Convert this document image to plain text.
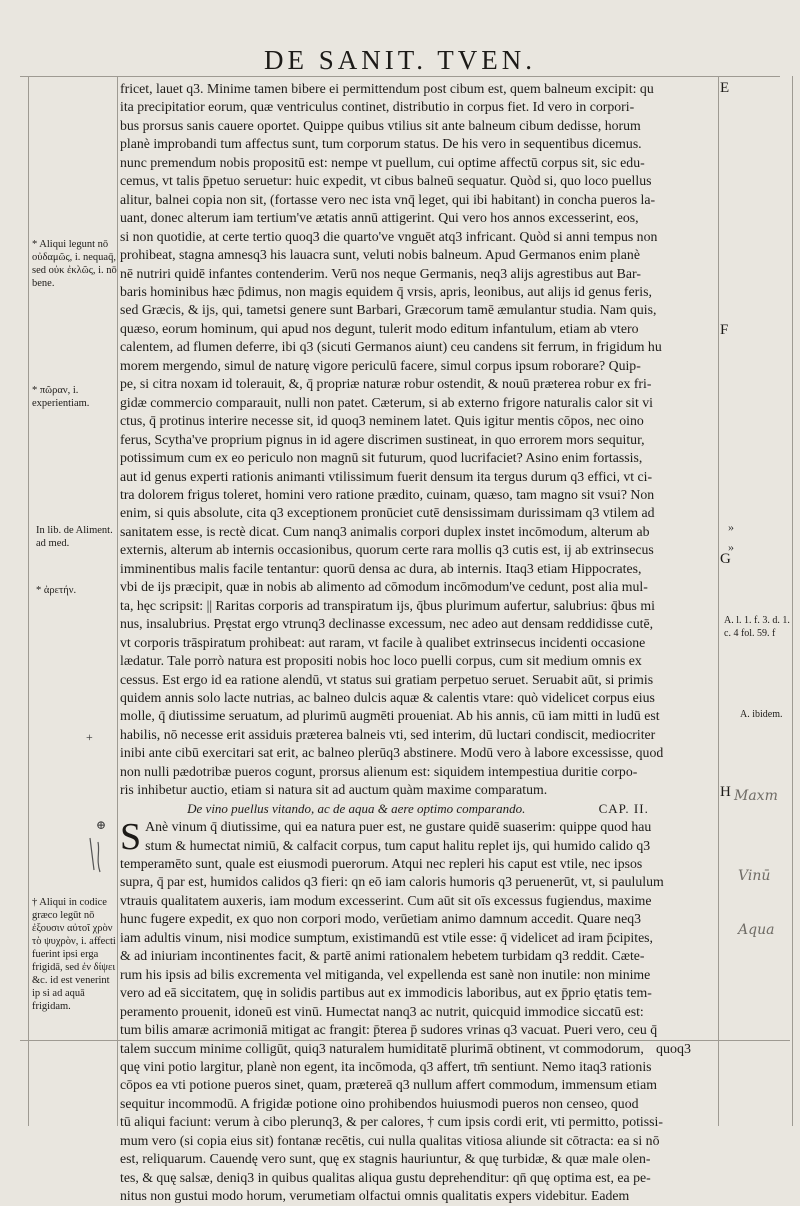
DE SANIT. TVEN.
fricet, lauet q3. Minime tamen bibere ei permittendum post cibum est, quem balneum excipit: qu
ita precipitatior eorum, quæ ventriculus continet, distributio in corpus fiet. Id vero in corpori-
bus prorsus sanis cauere oportet. Quippe quibus vtilius sit ante balneum cibum dedisse, horum
planè improbandi tum affectus sunt, tum corporum status. De his vero in sequentibus dicemus.
nunc premendum nobis propositū est: nempe vt puellum, cui optime affectū corpus sit, sic edu-
cemus, vt talis p̄petuo seruetur: huic expedit, vt cibus balneū sequatur. Quòd si, quo loco puellus
alitur, balnei copia non sit, (fortasse vero nec ista vnq̄ leget, qui ibi habitant) in concha pueros la-
uant, donec alterum iam tertium've ætatis annū attigerint. Qui vero hos annos excesserint, eos,
si non quotidie, at certe tertio quoq3 die quarto've vnguēt atq3 infricant. Quòd si anni tempus non
prohibeat, stagna amnesq3 his lauacra sunt, veluti nobis balneum. Apud Germanos enim planè
nē nutriri quidē infantes contenderim. Verū nos neque Germanis, neq3 alijs agrestibus aut Bar-
baris hominibus hæc p̄dimus, non magis equidem q̄ vrsis, apris, leonibus, aut alijs id genus feris,
sed Græcis, & ijs, qui, tametsi genere sunt Barbari, Græcorum tamē æmulantur studia. Nam quis,
quæso, eorum hominum, qui apud nos degunt, tulerit modo editum infantulum, etiam ab vtero
calentem, ad flumen deferre, ibi q3 (sicuti Germanos aiunt) ceu candens sit ferrum, in frigidum hu
morem mergendo, simul de naturę vigore periculū facere, simul corpus ipsum roborare? Quip-
pe, si citra noxam id tolerauit, &, q̄ propriæ naturæ robur ostendit, & nouū præterea robur ex fri-
gidæ commercio comparauit, nulli non patet. Cæterum, si ab externo frigore naturalis calor sit vi
ctus, q̄ protinus interire necesse sit, id quoq3 neminem latet. Quis igitur mentis cōpos, nec oino
ferus, Scytha've proprium pignus in id agere discrimen sustineat, in quo errorem mors sequitur,
potissimum cum ex eo periculo non magnū sit futurum, quod lucrifaciet? Asino enim fortassis,
aut id genus experti rationis animanti vtilissimum fuerit densum ita tergus durum q3 effici, vt ci-
tra dolorem frigus toleret, homini vero ratione prædito, cuinam, quæso, tam magno sit vsui? Non
enim, si quis absolute, cita q3 exceptionem pronūciet cutē densissimam durissimam q3 vtilem ad
sanitatem esse, is rectè dicat. Cum nanq3 animalis corpori duplex instet incōmodum, alterum ab
externis, alterum ab internis occasionibus, quorum certe rara mollis q3 cutis est, ij ab extrinsecus
imminentibus malis facile tentantur: quorū densa ac dura, ab internis. Itaq3 etiam Hippocrates,
vbi de ijs præcipit, quæ in nobis ab alimento ad cōmodum incōmodum've cedunt, post alia mul-
ta, hęc scripsit: || Raritas corporis ad transpiratum ijs, q̄bus plurimum aufertur, salubrius: q̄bus mi
nus, insalubrius. Pręstat ergo vtrunq3 declinasse excessum, nec adeo aut densam reddidisse cutē,
vt corporis trāspiratum prohibeat: aut raram, vt facile à qualibet extrinsecus incidenti occasione
lædatur. Tale porrò natura est propositi nobis hoc loco puelli corpus, cum sit medium omnis ex
cessus. Est ergo id ea ratione alendū, vt status sui gratiam perpetuo seruet. Seruabit aūt, si primis
quidem annis solo lacte nutrias, ac balneo dulcis aquæ & calentis vtare: quò videlicet corpus eius
molle, q̄ diutissime seruatum, ad plurimū augmēti proueniat. Ab his annis, cū iam mitti in ludū est
habilis, nō necesse erit assiduis præterea balneis vti, sed interim, dū luctari condiscit, mediocriter
inibi ante cibū exercitari sat erit, ac balneo plerūq3 abstinere. Modū vero à labore excessisse, quod
non nulli pædotribæ pueros cogunt, prorsus alienum est: siquidem intempestiua duritie corpo-
ris inhibetur auctio, etiam si natura sit ad auctum quàm maxime comparatum.
De vino puellus vitando, ac de aqua & aere optimo comparando.	CAP. II.
S Anè vinum q̄ diutissime, qui ea natura puer est, ne gustare quidē suaserim: quippe quod hau
stum & humectat nimiū, & calfacit corpus, tum caput halitu replet ijs, qui humido calido q3
temperamēto sunt, quale est eiusmodi puerorum. Atqui nec repleri his caput est vtile, nec ipsos
supra, q̄ par est, humidos calidos q3 fieri: qn eō iam caloris humoris q3 peruenerūt, vt, si paululum
vtrauis qualitatem auxeris, iam modum excesserint. Cum aūt sit oīs excessus fugiendus, maxime
hunc fugere expedit, ex quo non corpori modo, verūetiam animo damnum accedit. Quare neq3
iam adultis vinum, nisi modice sumptum, existimandū est vtile esse: q̄ videlicet ad iram p̄cipites,
& ad iniuriam incontinentes facit, & partē animi rationalem hebetem turbidam q3 reddit. Cæte-
rum his ipsis ad bilis excrementa vel mitiganda, vel expellenda est sanè non inutile: non minime
vero ad eā siccitatem, quę in solidis partibus aut ex immodicis laboribus, aut ex p̄prio ętatis tem-
peramento prouenit, idoneū est vinū. Humectat nanq3 ac nutrit, quicquid immodice siccatū est:
tum bilis amaræ acrimoniā mitigat ac frangit: p̄terea p̄ sudores vrinas q3 vacuat. Pueri vero, ceu q̄
talem succum minime colligūt, quiq3 naturalem humiditatē plurimā obtinent, vt commodorum,
quę vini potio largitur, planè non egent, ita incōmoda, q3 affert, tm̄ sentiunt. Nemo itaq3 rationis
cōpos ea vti potione pueros sinet, quam, prætereā q3 nullum affert commodum, immensum etiam
sequitur incommodū. A frigidæ potione oino prohibendos huiusmodi pueros non censeo, quod
tū aliqui faciunt: verum à cibo plerunq3, & per calores, † cum ipsis cordi erit, vti permitto, potissi-
mum vero (si copia eius sit) fontanæ recētis, cui nulla qualitas vitiosa aliunde sit cōtracta: ea si nō
est, reliquarum. Cauendę vero sunt, quę ex stagnis hauriuntur, & quę turbidæ, & quæ male olen-
tes, & quę salsæ, deniq3 in quibus qualitas aliqua gustu deprehenditur: qn̄ quę optima est, ea pe-
nitus non gustui modo horum, verumetiam olfactui omnis qualitatis expers videbitur. Eadem
E
F
G
H
* Aliqui legunt nō οὐδαμῶς, i. nequaq̄, sed οὐκ ἐκλῶς, i. nō bene.
* πῶραν, i. experientiam.
In lib. de Aliment. ad med.
* ἀρετήν.
† Aliqui in codice græco legūt nō ἐξουσιν αὐτοῖ χρὸν τὸ ψυχρὸν, i. affecti fuerint ipsi erga frigidā, sed ἐν δίψει &c. id est venerint ip si ad aquā frigidam.
A. l. 1. f. 3. d. 1. c. 4 fol. 59. f
A. ibidem.
»
»
+
⊕
Maxm
Vinū
Aqua
quoq3
